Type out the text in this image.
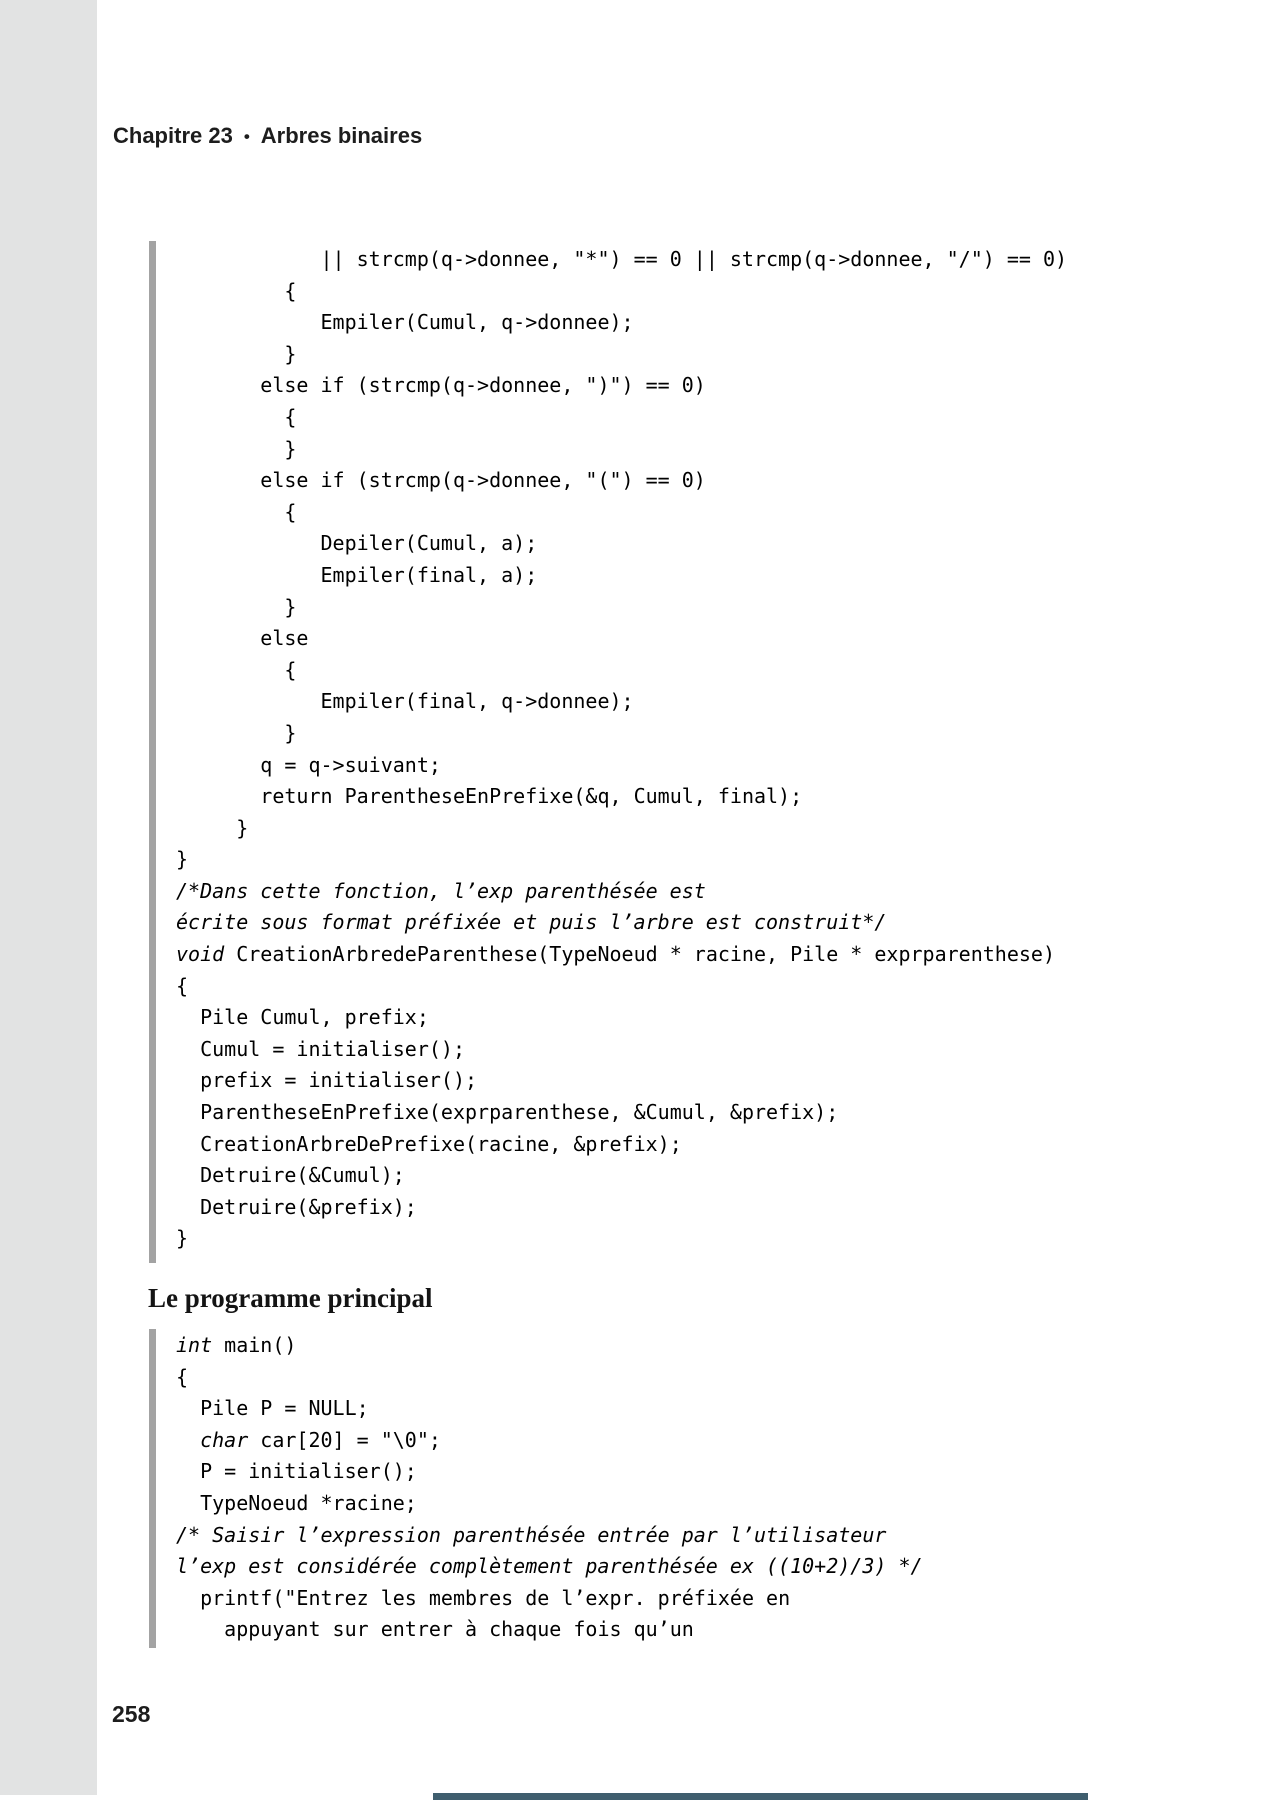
Chapitre 23 • Arbres binaires
|| strcmp(q->donnee, "*") == 0 || strcmp(q->donnee, "/") == 0)
{
Empiler(Cumul, q->donnee);
}
else if (strcmp(q->donnee, ")") == 0)
{
}
else if (strcmp(q->donnee, "(") == 0)
{
Depiler(Cumul, a);
Empiler(final, a);
}
else
{
Empiler(final, q->donnee);
}
q = q->suivant;
return ParentheseEnPrefixe(&q, Cumul, final);
}
}
/*Dans cette fonction, l’exp parenthésée est
écrite sous format préfixée et puis l’arbre est construit*/
void CreationArbredeParenthese(TypeNoeud * racine, Pile * exprparenthese)
{
Pile Cumul, prefix;
Cumul = initialiser();
prefix = initialiser();
ParentheseEnPrefixe(exprparenthese, &Cumul, &prefix);
CreationArbreDePrefixe(racine, &prefix);
Detruire(&Cumul);
Detruire(&prefix);
}
Le programme principal
int main()
{
Pile P = NULL;
char car[20] = "\0";
P = initialiser();
TypeNoeud *racine;
/* Saisir l’expression parenthésée entrée par l’utilisateur
l’exp est considérée complètement parenthésée ex ((10+2)/3) */
printf("Entrez les membres de l’expr. préfixée en
appuyant sur entrer à chaque fois qu’un
258
